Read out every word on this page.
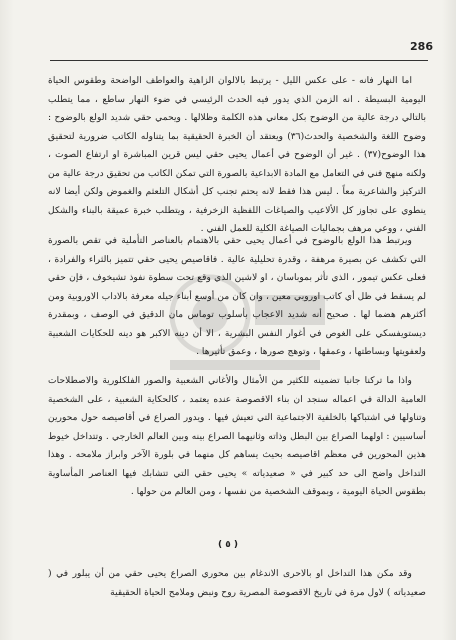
286

اما النهار فانه - على عكس الليل - يرتبط بالالوان الزاهية والعواطف الواضحة وطقوس الحياة اليومية البسيطة . انه الزمن الذي يدور فيه الحدث الرئيسي في ضوء النهار ساطع ، مما يتطلب بالتالي درجة عالية من الوضوح بكل معاني هذه الكلمة وظلالها . ويحمي حقي شديد الولع بالوضوح : وضوح اللغة والشخصية والحدث(٣٦) ويعتقد أن الخبرة الحقيقية بما يتناوله الكاتب ضرورية لتحقيق هذا الوضوح(٣٧) . غير أن الوضوح في أعمال يحيى حقي ليس قرين المباشرة او ارتفاع الصوت ، ولكنه منهج فني في التعامل مع المادة الابداعية بالصورة التي تمكن الكاتب من تحقيق درجة عالية من التركيز والشاعرية معاً . ليس هذا فقط لانه يحتم تجنب كل أشكال التلعثم والغموض ولكن أيضا لانه ينطوي على تجاوز كل الألاعيب والصياغات اللفظية الزخرفية ، ويتطلب خبرة عميقة بالبناء والشكل الفني ، ووعي مرهف بجماليات الصياغة الكلية للعمل الفني .

ويرتبط هذا الولع بالوضوح في أعمال يحيى حقي بالاهتمام بالعناصر التأملية في تقص بالصورة التي تكشف عن بصيرة مرهفة ، وقدرة تحليلية عالية . فاقاصيص يحيى حقي تتميز بالثراء والفرادة ، فعلى عكس تيمور ، الذي تأثر بموباسان ، او لاشين الذي وقع تحت سطوة نفوذ تشيخوف ، فإن حقي لم يسقط في ظل أي كاتب اوروبي معين ، وان كان من أوسع أبناء جيله معرفة بالاداب الاوروبية ومن أكثرهم هضما لها . صحيح أنه شديد الاعجاب بأسلوب توماس مان الدقيق في الوصف ، وبمقدرة ديستويفسكي على الغوص في أغوار النفس البشرية ، الا أن دينه الاكبر هو دينه للحكايات الشعبية ولعفويتها وبساطتها ، وعمقها ، وتوهج صورها ، وعمق تأثيرها .

واذا ما تركنا جانبا تضمينه للكثير من الأمثال والأغاني الشعبية والصور الفلكلورية والاصطلاحات العامية الدالة في اعماله سنجد ان بناء الاقصوصة عنده يعتمد ، كالحكاية الشعبية ، على الشخصية وتناولها في اشتباكها بالخلفية الاجتماعية التي تعيش فيها . ويدور الصراع في أقاصيصه حول محورين أساسيين : اولهما الصراع بين البطل وذاته وثانيهما الصراع بينه وبين العالم الخارجي . وتتداخل خيوط هذين المحورين في معظم اقاصيصه بحيث يساهم كل منهما في بلورة الآخر وابراز ملامحه . وهذا التداخل واضح الى حد كبير في « صعيدياته » يحيى حقي التي تتشابك فيها العناصر المأساوية بطقوس الحياة اليومية ، وبموقف الشخصية من نفسها ، ومن العالم من حولها .

( ٥ )

وقد مكن هذا التداخل او بالاحرى الاندغام بين محوري الصراع يحيى حقي من أن يبلور في ( صعيدياته ) لاول مرة في تاريخ الاقصوصة المصرية روح ونبض وملامح الحياة الحقيقية
